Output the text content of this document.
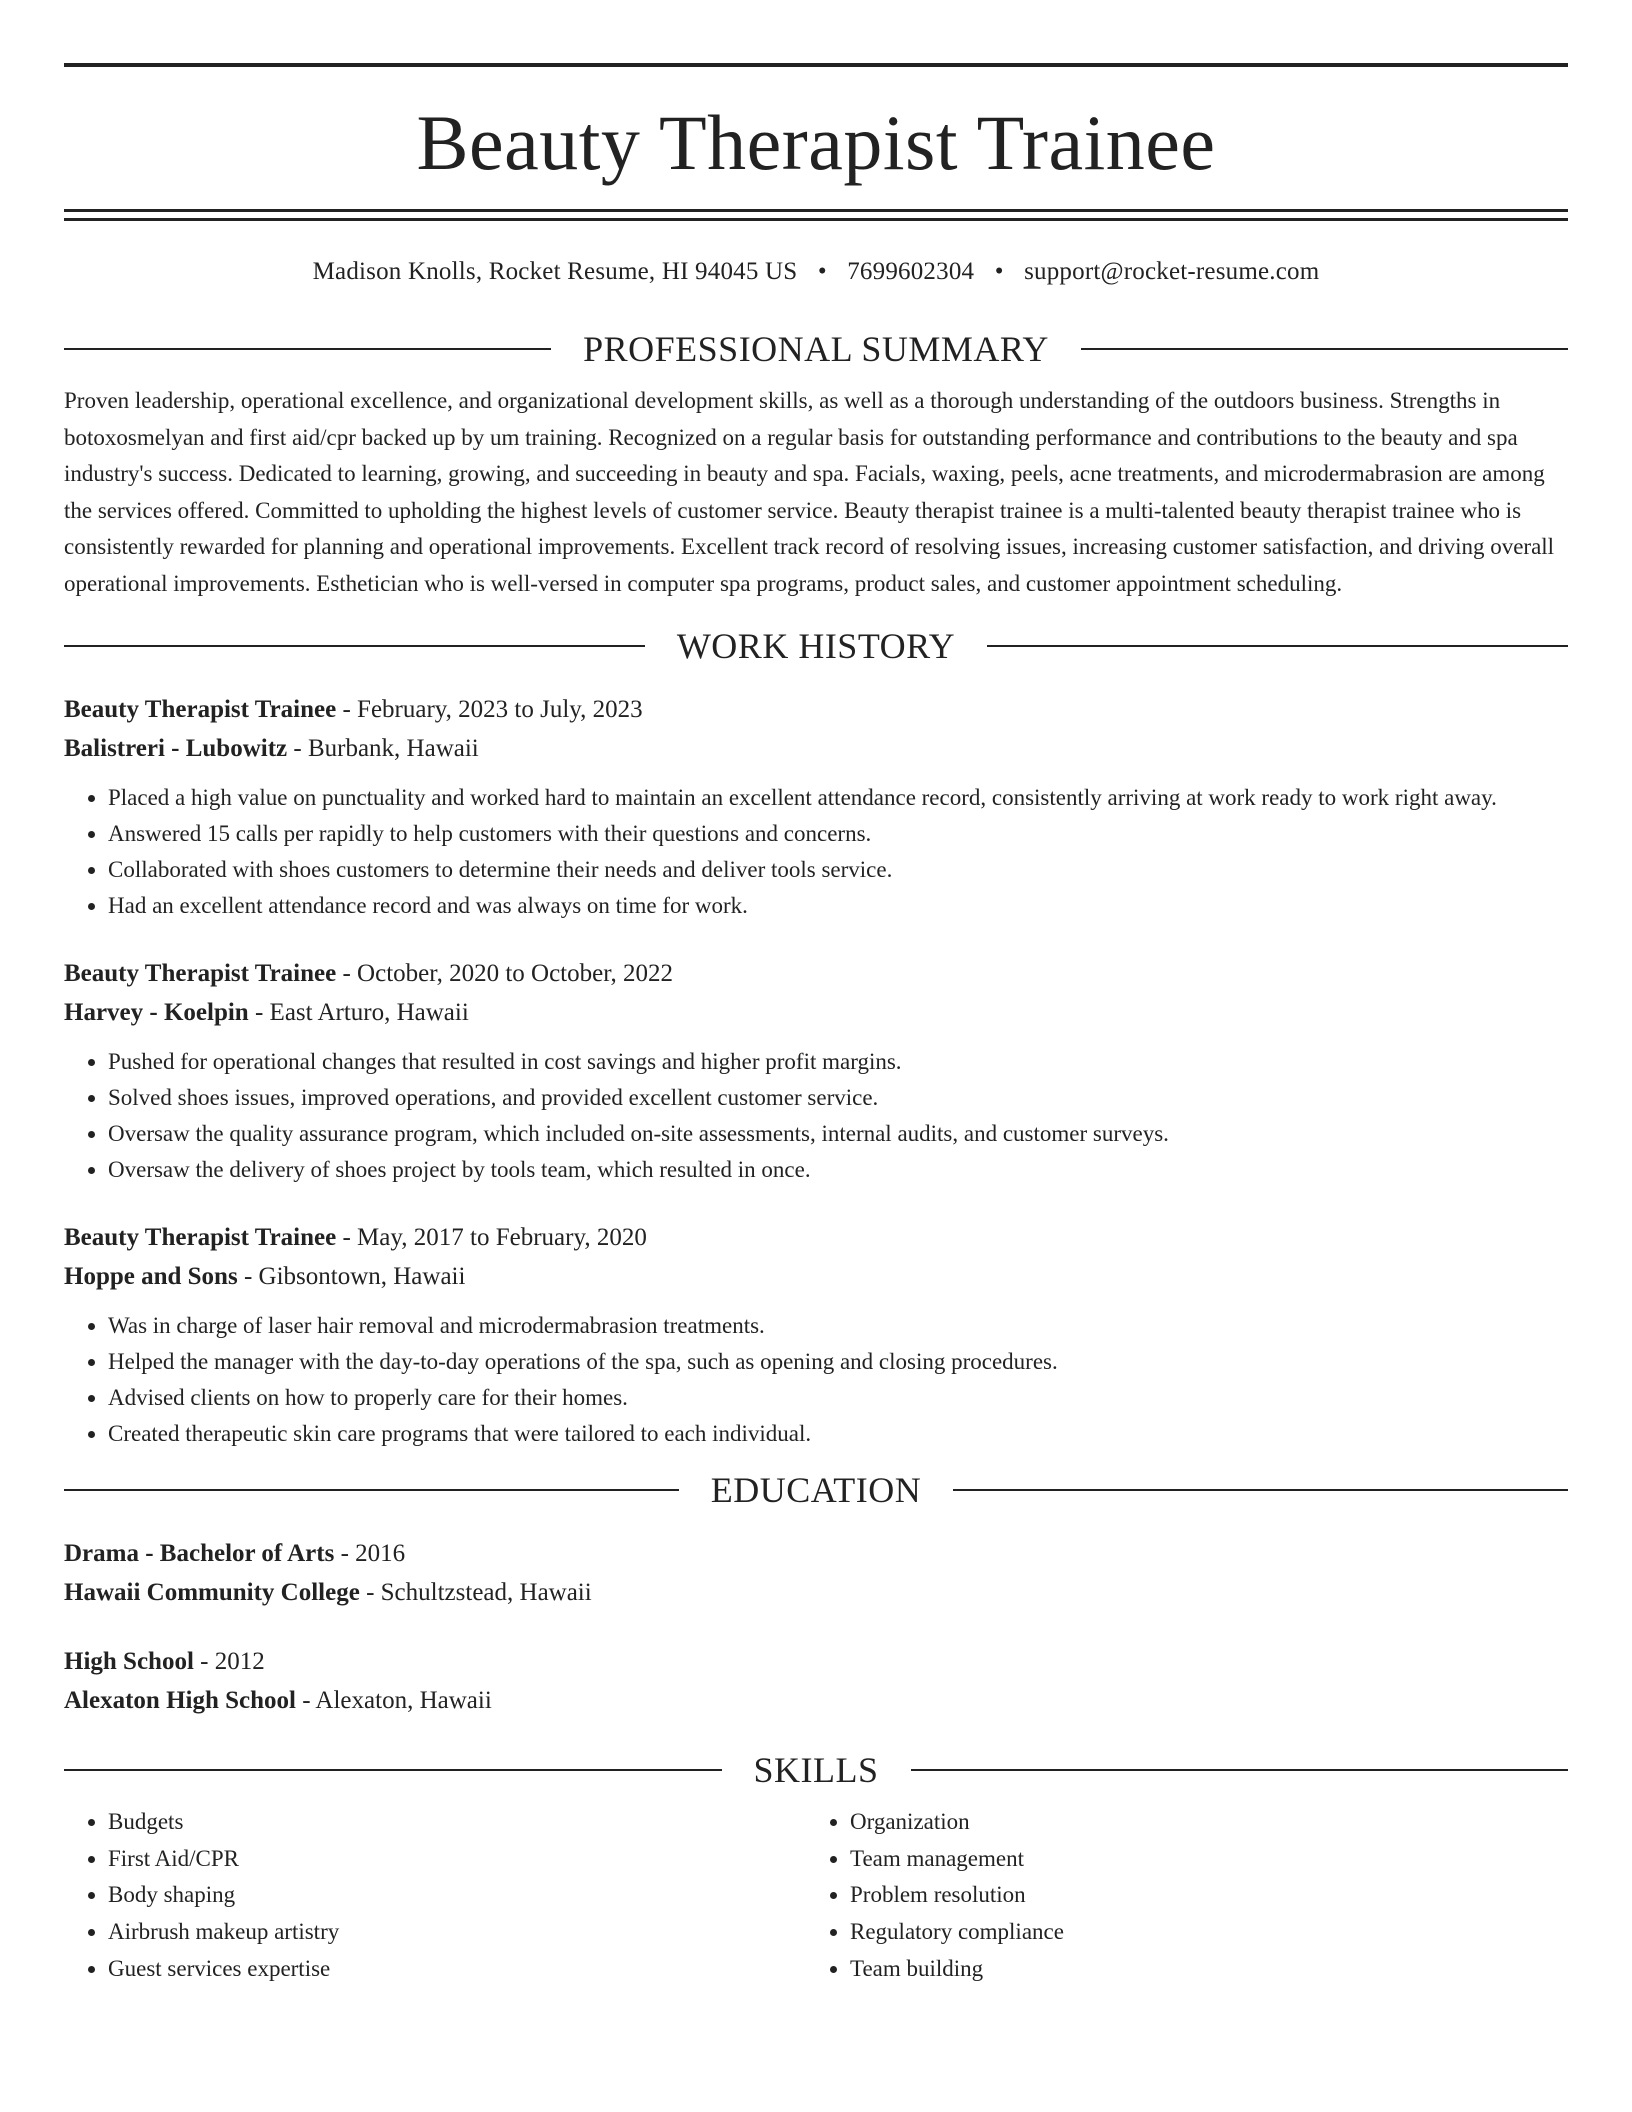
Beauty Therapist Trainee
Madison Knolls, Rocket Resume, HI 94045 US • 7699602304 • support@rocket-resume.com
PROFESSIONAL SUMMARY

Proven leadership, operational excellence, and organizational development skills, as well as a thorough understanding of the outdoors business. Strengths in botoxosmelyan and first aid/cpr backed up by um training. Recognized on a regular basis for outstanding performance and contributions to the beauty and spa industry's success. Dedicated to learning, growing, and succeeding in beauty and spa. Facials, waxing, peels, acne treatments, and microdermabrasion are among the services offered. Committed to upholding the highest levels of customer service. Beauty therapist trainee is a multi-talented beauty therapist trainee who is consistently rewarded for planning and operational improvements. Excellent track record of resolving issues, increasing customer satisfaction, and driving overall operational improvements. Esthetician who is well-versed in computer spa programs, product sales, and customer appointment scheduling.

WORK HISTORY
Beauty Therapist Trainee - February, 2023 to July, 2023
Balistreri - Lubowitz - Burbank, Hawaii
• Placed a high value on punctuality and worked hard to maintain an excellent attendance record, consistently arriving at work ready to work right away.
• Answered 15 calls per rapidly to help customers with their questions and concerns.
• Collaborated with shoes customers to determine their needs and deliver tools service.
• Had an excellent attendance record and was always on time for work.
Beauty Therapist Trainee - October, 2020 to October, 2022
Harvey - Koelpin - East Arturo, Hawaii
• Pushed for operational changes that resulted in cost savings and higher profit margins.
• Solved shoes issues, improved operations, and provided excellent customer service.
• Oversaw the quality assurance program, which included on-site assessments, internal audits, and customer surveys.
• Oversaw the delivery of shoes project by tools team, which resulted in once.
Beauty Therapist Trainee - May, 2017 to February, 2020
Hoppe and Sons - Gibsontown, Hawaii
• Was in charge of laser hair removal and microdermabrasion treatments.
• Helped the manager with the day-to-day operations of the spa, such as opening and closing procedures.
• Advised clients on how to properly care for their homes.
• Created therapeutic skin care programs that were tailored to each individual.
EDUCATION
Drama - Bachelor of Arts - 2016
Hawaii Community College - Schultzstead, Hawaii
High School - 2012
Alexaton High School - Alexaton, Hawaii
SKILLS
• Budgets
• First Aid/CPR
• Body shaping
• Airbrush makeup artistry
• Guest services expertise
• Organization
• Team management
• Problem resolution
• Regulatory compliance
• Team building
